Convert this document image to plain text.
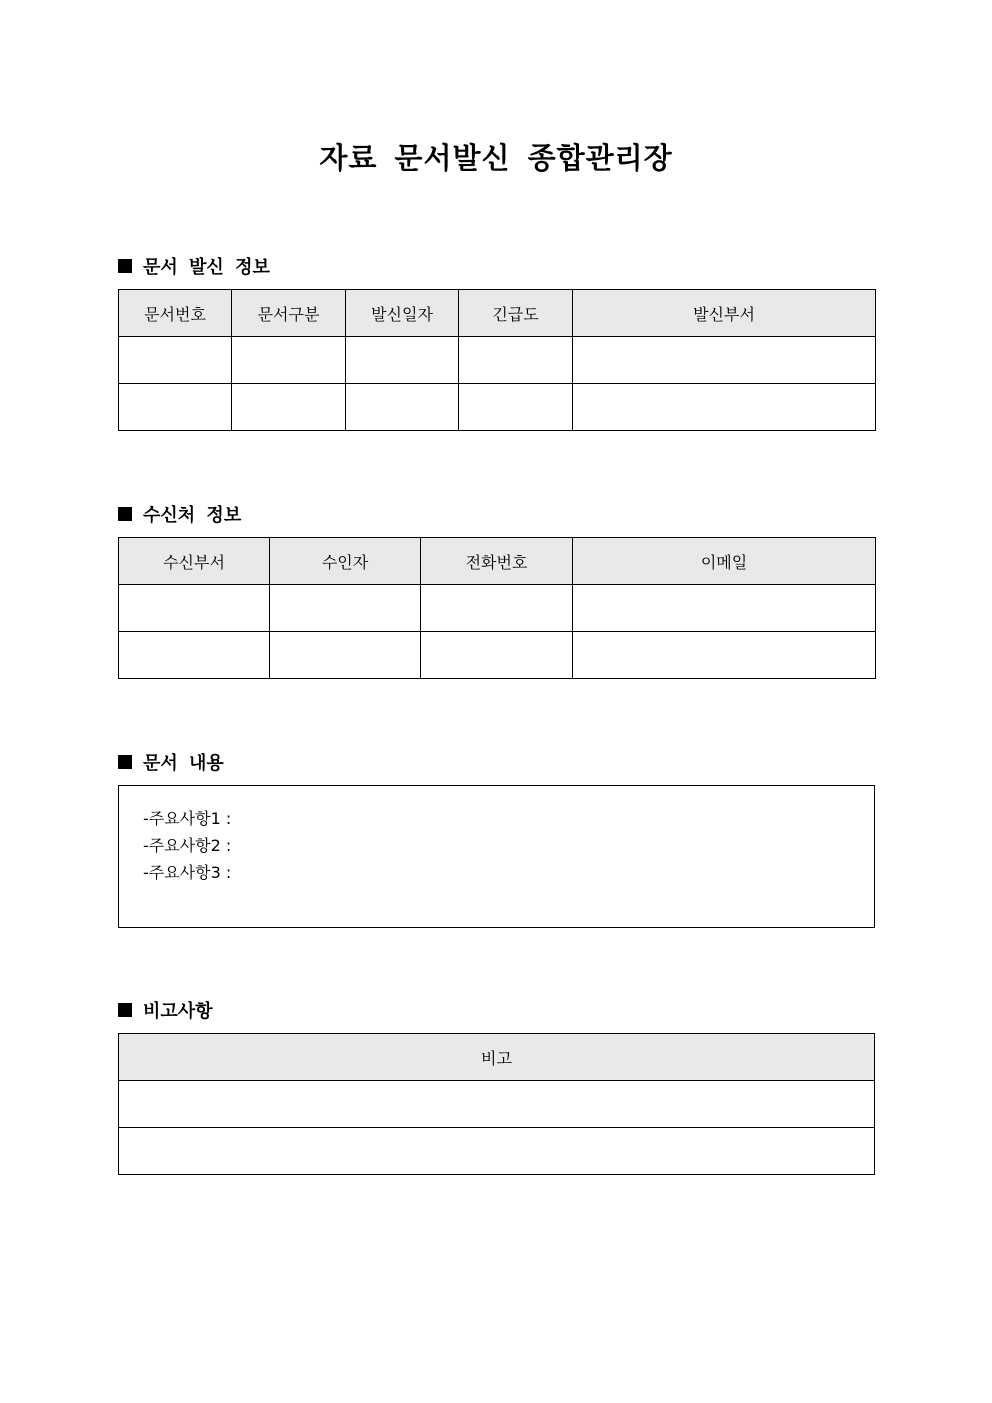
자료 문서발신 종합관리장
문서 발신 정보
문서번호	문서구분	발신일자	긴급도	발신부서

수신처 정보
수신부서	수인자	전화번호	이메일

문서 내용
-주요사항1 :
-주요사항2 :
-주요사항3 :
비고사항
비고
